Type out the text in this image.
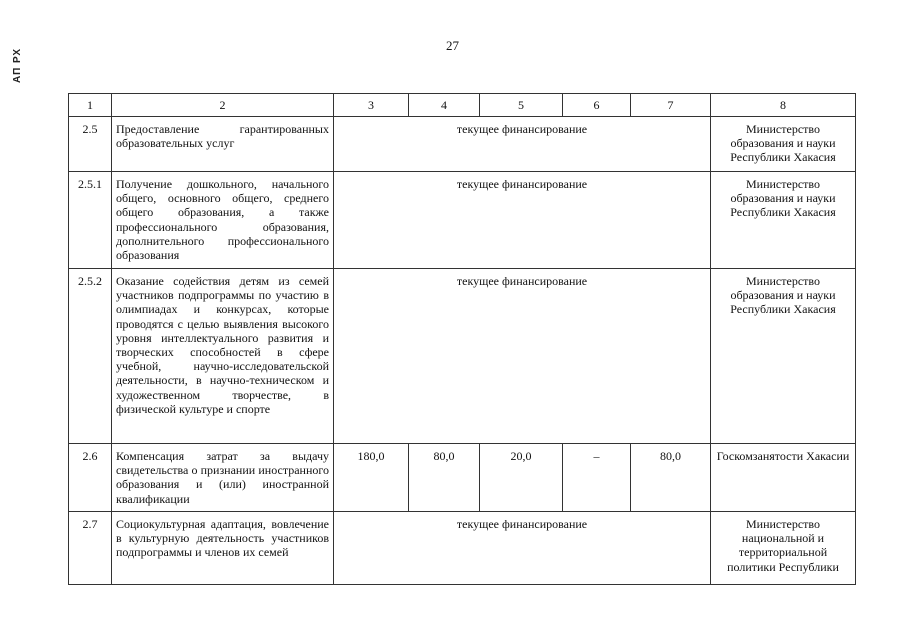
АП РХ
27
1	2	3	4	5	6	7	8
2.5	Предоставление гарантированных образовательных услуг	текущее финансирование					Министерство образования и науки Республики Хакасия
2.5.1	Получение дошкольного, начального общего, основного общего, среднего общего образования, а также профессионального образования, дополнительного профессионального образования	текущее финансирование					Министерство образования и науки Республики Хакасия
2.5.2	Оказание содействия детям из семей участников подпрограммы по участию в олимпиадах и конкурсах, которые проводятся с целью выявления высокого уровня интеллектуального развития и творческих способностей в сфере учебной, научно-исследовательской деятельности, в научно-техническом и художественном творчестве, в физической культуре и спорте	текущее финансирование					Министерство образования и науки Республики Хакасия
2.6	Компенсация затрат за выдачу свидетельства о признании иностранного образования и (или) иностранной квалификации	180,0	80,0	20,0	–	80,0	Госкомзанятости Хакасии
2.7	Социокультурная адаптация, вовлечение в культурную деятельность участников подпрограммы и членов их семей	текущее финансирование					Министерство национальной и территориальной политики Республики
